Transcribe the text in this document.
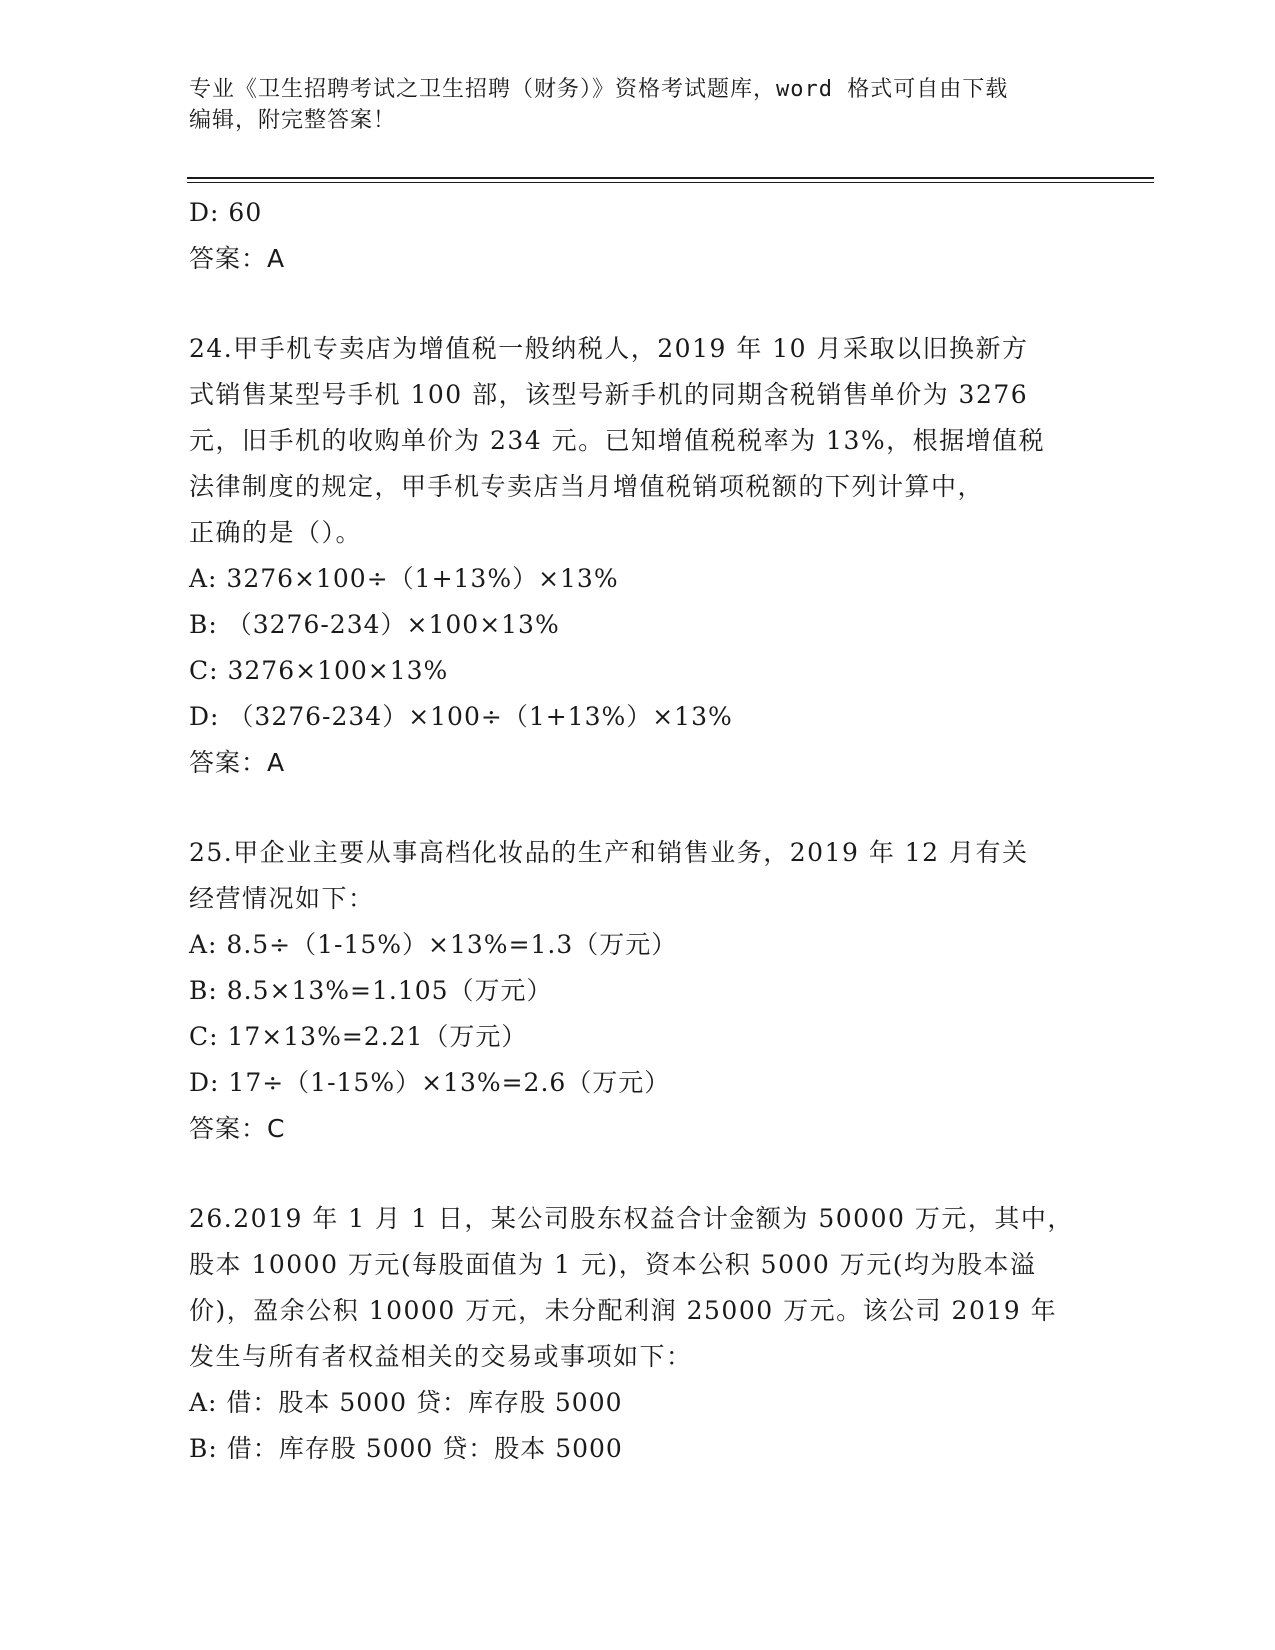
专业《卫生招聘考试之卫生招聘（财务）》资格考试题库，word 格式可自由下载
编辑，附完整答案！
D: 60
答案：A
24.甲手机专卖店为增值税一般纳税人，2019 年 10 月采取以旧换新方
式销售某型号手机 100 部，该型号新手机的同期含税销售单价为 3276
元，旧手机的收购单价为 234 元。已知增值税税率为 13%，根据增值税
法律制度的规定，甲手机专卖店当月增值税销项税额的下列计算中，
正确的是（）。
A: 3276×100÷（1+13%）×13%
B: （3276-234）×100×13%
C: 3276×100×13%
D: （3276-234）×100÷（1+13%）×13%
答案：A
25.甲企业主要从事高档化妆品的生产和销售业务，2019 年 12 月有关
经营情况如下：
A: 8.5÷（1-15%）×13%=1.3（万元）
B: 8.5×13%=1.105（万元）
C: 17×13%=2.21（万元）
D: 17÷（1-15%）×13%=2.6（万元）
答案：C
26.2019 年 1 月 1 日，某公司股东权益合计金额为 50000 万元，其中，
股本 10000 万元(每股面值为 1 元)，资本公积 5000 万元(均为股本溢
价)，盈余公积 10000 万元，未分配利润 25000 万元。该公司 2019 年
发生与所有者权益相关的交易或事项如下：
A: 借：股本 5000 贷：库存股 5000
B: 借：库存股 5000 贷：股本 5000
